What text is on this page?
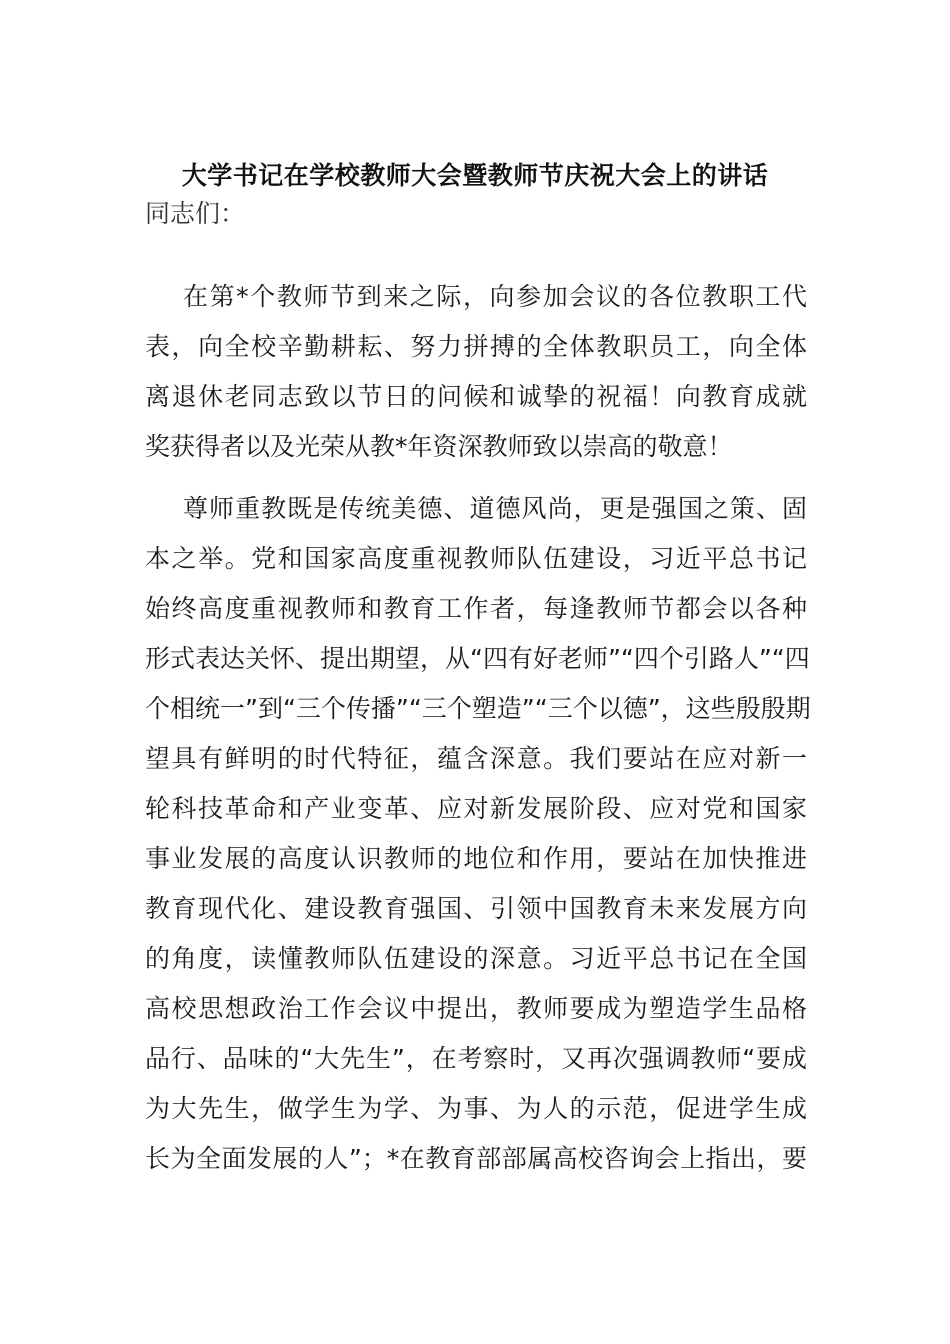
大学书记在学校教师大会暨教师节庆祝大会上的讲话
同志们：
在第*个教师节到来之际，向参加会议的各位教职工代
表，向全校辛勤耕耘、努力拼搏的全体教职员工，向全体
离退休老同志致以节日的问候和诚挚的祝福！向教育成就
奖获得者以及光荣从教*年资深教师致以崇高的敬意！
尊师重教既是传统美德、道德风尚，更是强国之策、固
本之举。党和国家高度重视教师队伍建设，习近平总书记
始终高度重视教师和教育工作者，每逢教师节都会以各种
形式表达关怀、提出期望，从“四有好老师”“四个引路人”“四
个相统一”到“三个传播”“三个塑造”“三个以德”，这些殷殷期
望具有鲜明的时代特征，蕴含深意。我们要站在应对新一
轮科技革命和产业变革、应对新发展阶段、应对党和国家
事业发展的高度认识教师的地位和作用，要站在加快推进
教育现代化、建设教育强国、引领中国教育未来发展方向
的角度，读懂教师队伍建设的深意。习近平总书记在全国
高校思想政治工作会议中提出，教师要成为塑造学生品格
品行、品味的“大先生”，在考察时，又再次强调教师“要成
为大先生，做学生为学、为事、为人的示范，促进学生成
长为全面发展的人”；*在教育部部属高校咨询会上指出，要
